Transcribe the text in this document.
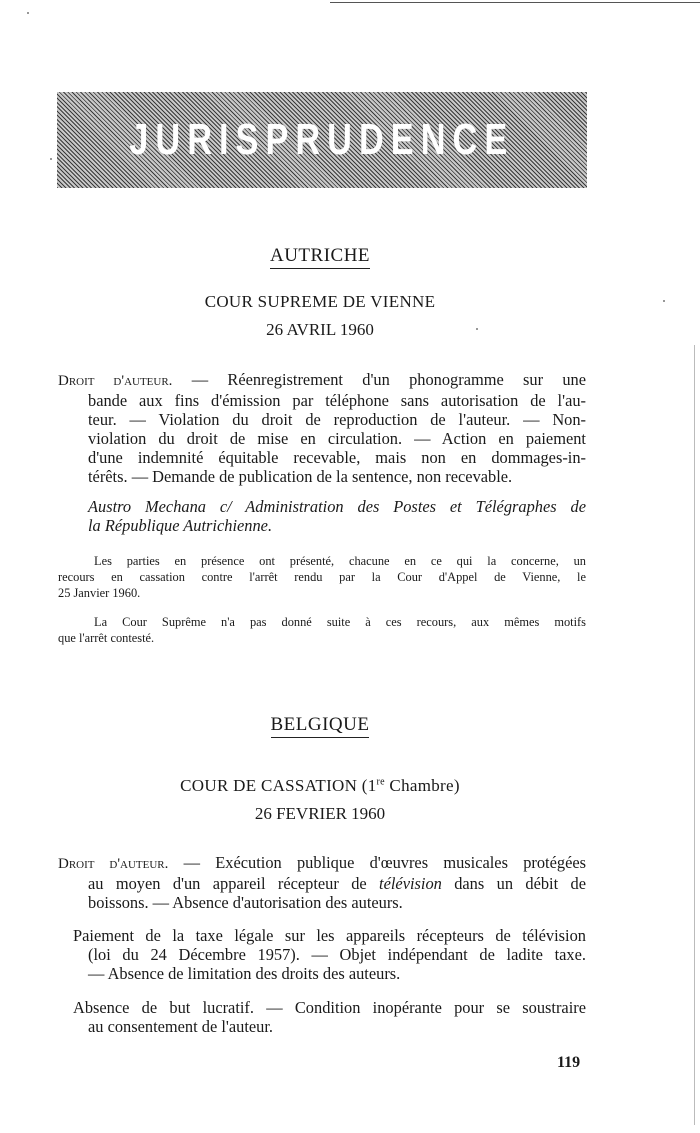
JURISPRUDENCE
AUTRICHE
COUR SUPREME DE VIENNE
26 AVRIL 1960
Droit d'auteur. — Réenregistrement d'un phonogramme sur une
bande aux fins d'émission par téléphone sans autorisation de l'au-
teur. — Violation du droit de reproduction de l'auteur. — Non-
violation du droit de mise en circulation. — Action en paiement
d'une indemnité équitable recevable, mais non en dommages-in-
térêts. — Demande de publication de la sentence, non recevable.
Austro Mechana c/ Administration des Postes et Télégraphes de
la République Autrichienne.
Les parties en présence ont présenté, chacune en ce qui la concerne, un
recours en cassation contre l'arrêt rendu par la Cour d'Appel de Vienne, le
25 Janvier 1960.
La Cour Suprême n'a pas donné suite à ces recours, aux mêmes motifs
que l'arrêt contesté.
BELGIQUE
COUR DE CASSATION (1re Chambre)
26 FEVRIER 1960
Droit d'auteur. — Exécution publique d'œuvres musicales protégées
au moyen d'un appareil récepteur de télévision dans un débit de
boissons. — Absence d'autorisation des auteurs.
Paiement de la taxe légale sur les appareils récepteurs de télévision
(loi du 24 Décembre 1957). — Objet indépendant de ladite taxe.
— Absence de limitation des droits des auteurs.
Absence de but lucratif. — Condition inopérante pour se soustraire
au consentement de l'auteur.
119
